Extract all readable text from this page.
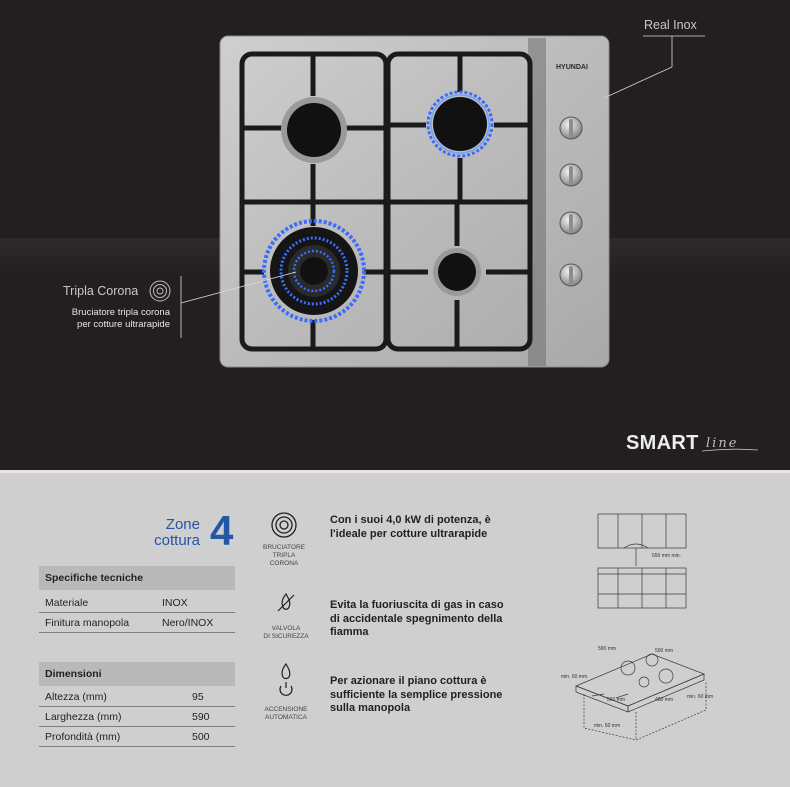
HYUNDAI
Real Inox
Tripla Corona
Bruciatore tripla corona
per cotture ultrarapide
SMART line
Zone
cottura 4
Specifiche tecniche
Materiale	INOX
Finitura manopola	Nero/INOX
Dimensioni
Altezza (mm)	95
Larghezza (mm)	590
Profondità (mm)	500
BRUCIATORE
TRIPLA
CORONA
VALVOLA
DI SICUREZZA
ACCENSIONE
AUTOMATICA
Con i suoi 4,0 kW di potenza, è
l'ideale per cotture ultrarapide
Evita la fuoriuscita di gas in caso
di accidentale spegnimento della
fiamma
Per azionare il piano cottura è
sufficiente la semplice pressione
sulla manopola
650 mm min.
590 mm	500 mm
560 mm	480 mm
min. 60 mm
min. 60 mm
min. 60 mm
